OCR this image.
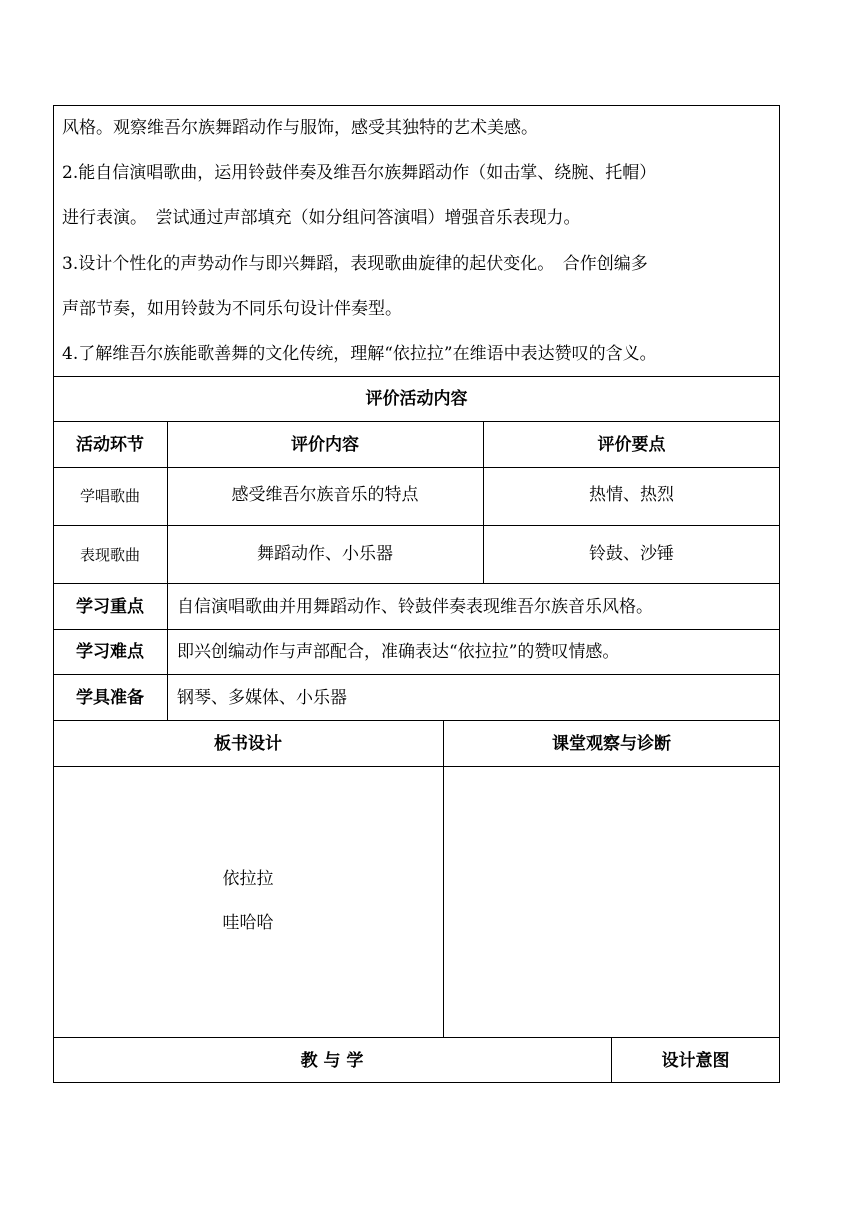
风格。观察维吾尔族舞蹈动作与服饰，感受其独特的艺术美感。
2.能自信演唱歌曲，运用铃鼓伴奏及维吾尔族舞蹈动作（如击掌、绕腕、托帽）
进行表演。　尝试通过声部填充（如分组问答演唱）增强音乐表现力。
3.设计个性化的声势动作与即兴舞蹈，表现歌曲旋律的起伏变化。　合作创编多
声部节奏，如用铃鼓为不同乐句设计伴奏型。
4.了解维吾尔族能歌善舞的文化传统，理解“依拉拉”在维语中表达赞叹的含义。
评价活动内容
活动环节	评价内容	评价要点
学唱歌曲	感受维吾尔族音乐的特点	热情、热烈
表现歌曲	舞蹈动作、小乐器	铃鼓、沙锤
学习重点	自信演唱歌曲并用舞蹈动作、铃鼓伴奏表现维吾尔族音乐风格。
学习难点	即兴创编动作与声部配合，准确表达“依拉拉”的赞叹情感。
学具准备	钢琴、多媒体、小乐器
板书设计	课堂观察与诊断
依拉拉
哇哈哈
教 与 学	设计意图
